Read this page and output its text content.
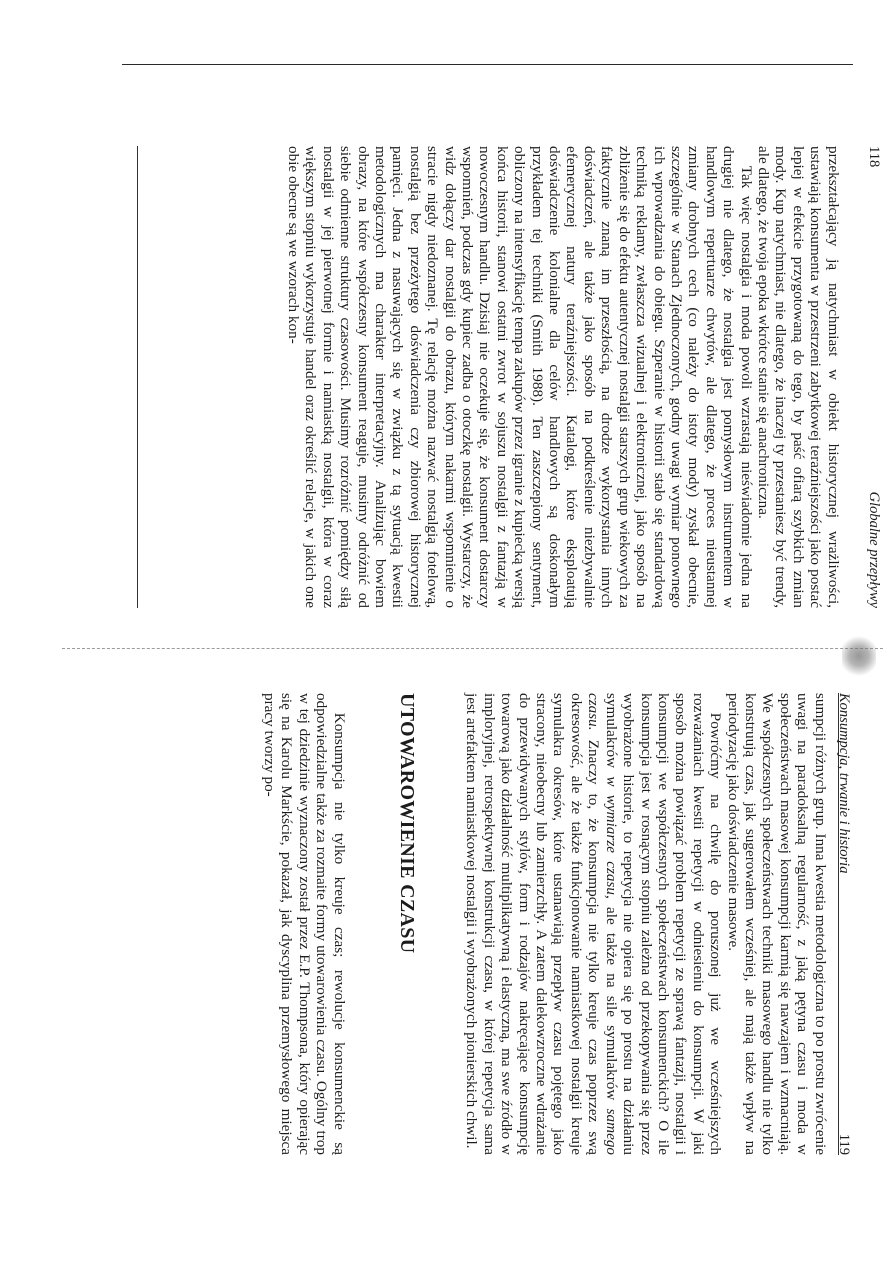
118
Globalne przepływy

przekształcający ją natychmiast w obiekt historycznej wrażliwości, ustawiają konsumenta w przestrzeni zabytkowej teraźniejszości jako postać lepiej w efekcie przygotowaną do tego, by paść ofiarą szybkich zmian mody. Kup natychmiast, nie dlatego, że inaczej ty przestaniesz być trendy, ale dlatego, że twoja epoka wkrótce stanie się anachroniczna.

Tak więc nostalgia i moda powoli wzrastają nieświadomie jedna na drugiej nie dlatego, że nostalgia jest pomysłowym instrumentem w handlowym repertuarze chwytów, ale dlatego, że proces nieustannej zmiany drobnych cech (co należy do istoty mody) zyskał obecnie, szczególnie w Stanach Zjednoczonych, godny uwagi wymiar ponownego ich wprowadzania do obiegu. Szperanie w historii stało się standardową techniką reklamy, zwłaszcza wizualnej i elektronicznej, jako sposób na zbliżenie się do efektu autentycznej nostalgii starszych grup wiekowych za faktycznie znaną im przeszłością, na drodze wykorzystania innych doświadczeń, ale także jako sposób na podkreślenie niezbywalnie efemerycznej natury teraźniejszości. Katalogi, które eksploatują doświadczenie kolonialne dla celów handlowych są doskonałym przykładem tej techniki (Smith 1988). Ten zaszczepiony sentyment, obliczony na intensyfikację tempa zakupów przez igranie z kupiecką wersją końca historii, stanowi ostatni zwrot w sojuszu nostalgii z fantazją w nowoczesnym handlu. Dzisiaj nie oczekuje się, że konsument dostarczy wspomnień, podczas gdy kupiec zadba o otoczkę nostalgii. Wystarczy, że widz dołączy dar nostalgii do obrazu, którym nakarmi wspomnienie o stracie nigdy niedoznanej. Tę relację można nazwać nostalgią fotelową, nostalgią bez przeżytego doświadczenia czy zbiorowej historycznej pamięci. Jedna z nasuwających się w związku z tą sytuacją kwestii metodologicznych ma charakter interpretacyjny. Analizując bowiem obrazy, na które współczesny konsument reaguje, musimy odróżnić od siebie odmienne struktury czasowości. Musimy rozróżnić pomiędzy siłą nostalgii w jej pierwotnej formie i namiastką nostalgii, która w coraz większym stopniu wykorzystuje handel oraz określić relacje, w jakich one obie obecne są we wzorach kon-

Konsumpcja, trwanie i historia
119

sumpcji różnych grup. Inna kwestia metodologiczna to po prostu zwrócenie uwagi na paradoksalną regularność, z jaką pętyna czasu i moda w społeczeństwach masowej konsumpcji karmią się nawzajem i wzmacniają. We współczesnych społeczeństwach techniki masowego handlu nie tylko konstruują czas, jak sugerowałem wcześniej, ale mają także wpływ na periodyzację jako doświadczenie masowe.

Powróćmy na chwilę do poruszonej już we wcześniejszych rozważaniach kwestii repetycji w odniesieniu do konsumpcji. W jaki sposób można powiązać problem repetycji ze sprawą fantazji, nostalgii i konsumpcji we współczesnych społeczeństwach konsumenckich? O ile konsumpcja jest w rosnącym stopniu zależna od przekopywania się przez wyobrażone historie, to repetycja nie opiera się po prostu na działaniu symulakrów w wymiarze czasu, ale także na sile symulakrów samego czasu. Znaczy to, że konsumpcja nie tylko kreuje czas poprzez swą okresowość, ale że także funkcjonowanie namiastkowej nostalgii kreuje symulakra okresów, które ustanawiają przepływ czasu pojętego jako stracony, nieobecny lub zamierzchły. A zatem dalekowzroczne wdrażanie do przewidywanych stylów, form i rodzajów nakręcające konsumpcję towarową jako działalność multiplikatywną i elastyczną, ma swe źródło w imploryjnej, retrospektywnej konstrukcji czasu, w której repetycja sama jest artefaktem namiastkowej nostalgii i wyobrażonych pionierskich chwil.

UTOWAROWIENIE CZASU

Konsumpcja nie tylko kreuje czas; rewolucje konsumenckie są odpowiedzialne także za rozmaite formy utowarowienia czasu. Ogólny trop w tej dziedzinie wyznaczony został przez E.P. Thompsona, który opierając się na Karolu Markście, pokazał, jak dyscyplina przemysłowego miejsca pracy tworzy po-
